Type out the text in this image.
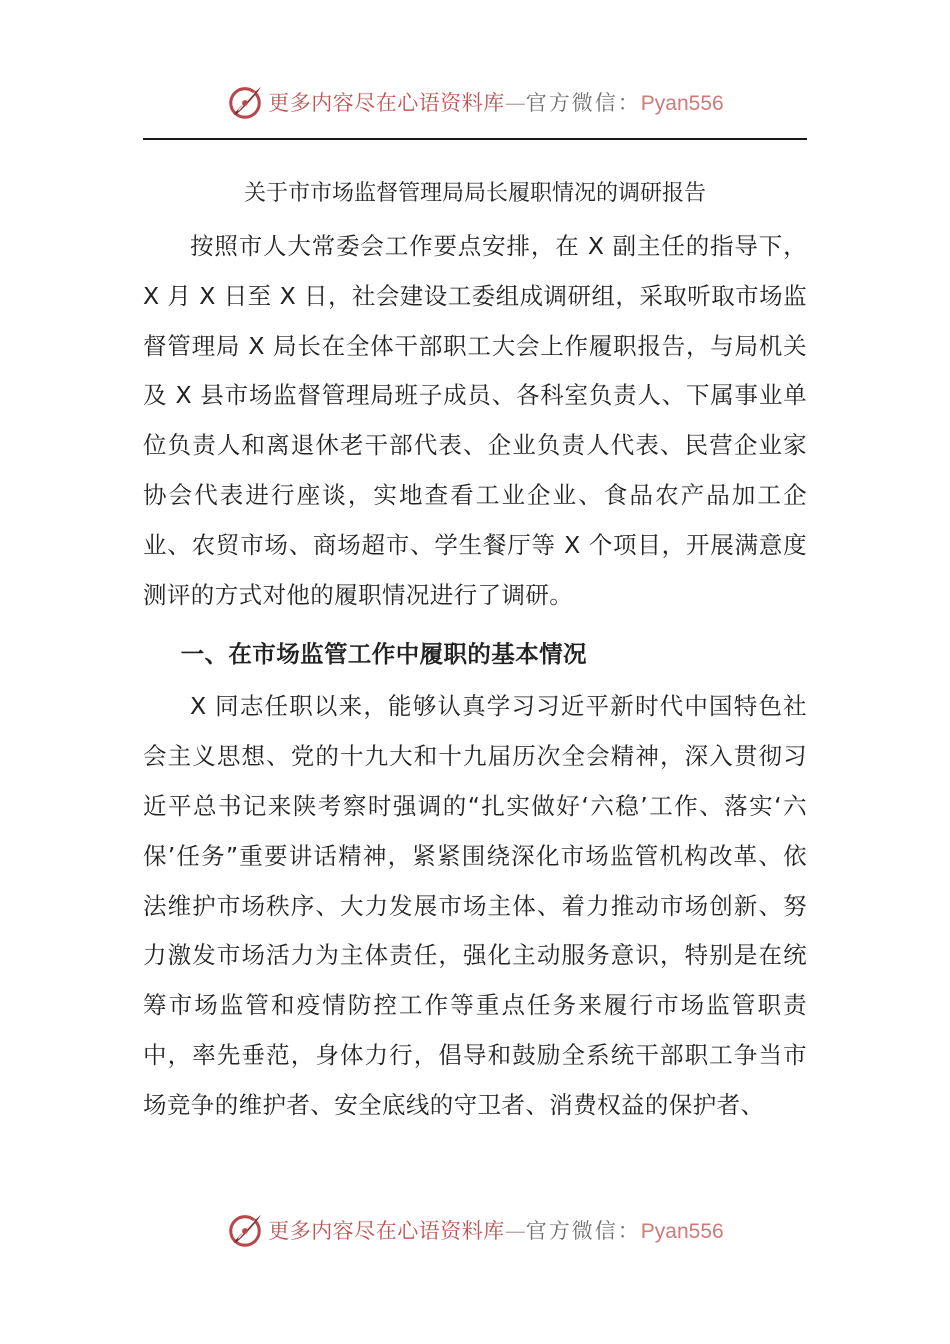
更多内容尽在心语资料库—官方微信：Pyan556
关于市市场监督管理局局长履职情况的调研报告

按照市人大常委会工作要点安排，在 X 副主任的指导下，X 月 X 日至 X 日，社会建设工委组成调研组，采取听取市场监督管理局 X 局长在全体干部职工大会上作履职报告，与局机关及 X 县市场监督管理局班子成员、各科室负责人、下属事业单位负责人和离退休老干部代表、企业负责人代表、民营企业家协会代表进行座谈，实地查看工业企业、食品农产品加工企业、农贸市场、商场超市、学生餐厅等 X 个项目，开展满意度测评的方式对他的履职情况进行了调研。

一、在市场监管工作中履职的基本情况

X 同志任职以来，能够认真学习习近平新时代中国特色社会主义思想、党的十九大和十九届历次全会精神，深入贯彻习近平总书记来陕考察时强调的“扎实做好‘六稳’工作、落实‘六保’任务”重要讲话精神，紧紧围绕深化市场监管机构改革、依法维护市场秩序、大力发展市场主体、着力推动市场创新、努力激发市场活力为主体责任，强化主动服务意识，特别是在统筹市场监管和疫情防控工作等重点任务来履行市场监管职责中，率先垂范，身体力行，倡导和鼓励全系统干部职工争当市场竞争的维护者、安全底线的守卫者、消费权益的保护者、

更多内容尽在心语资料库—官方微信：Pyan556
